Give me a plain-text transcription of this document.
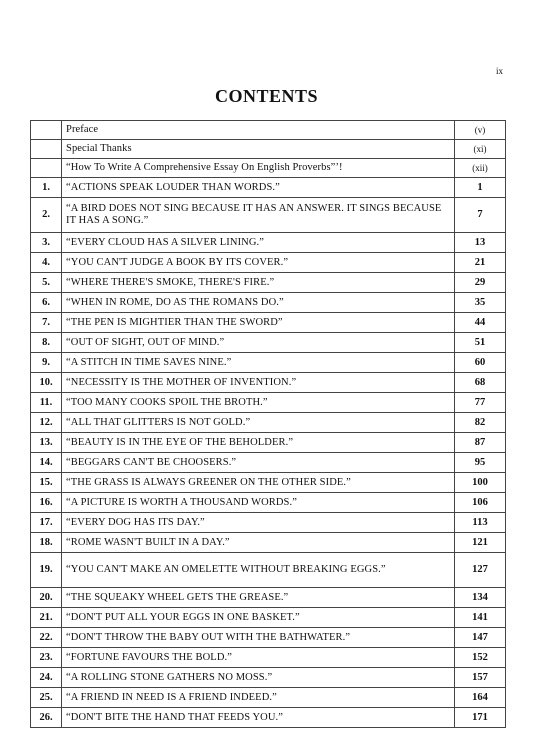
ix
CONTENTS
	Preface	(v)
	Special Thanks	(xi)
	“How To Write A Comprehensive Essay On English Proverbs”’!	(xii)
1.	“ACTIONS SPEAK LOUDER THAN WORDS.”	1
2.	“A BIRD DOES NOT SING BECAUSE IT HAS AN ANSWER. IT SINGS BECAUSE IT HAS A SONG.”	7
3.	“EVERY CLOUD HAS A SILVER LINING.”	13
4.	“YOU CAN'T JUDGE A BOOK BY ITS COVER.”	21
5.	“WHERE THERE'S SMOKE, THERE'S FIRE.”	29
6.	“WHEN IN ROME, DO AS THE ROMANS DO.”	35
7.	“THE PEN IS MIGHTIER THAN THE SWORD”	44
8.	“OUT OF SIGHT, OUT OF MIND.”	51
9.	“A STITCH IN TIME SAVES NINE.”	60
10.	“NECESSITY IS THE MOTHER OF INVENTION.”	68
11.	“TOO MANY COOKS SPOIL THE BROTH.”	77
12.	“ALL THAT GLITTERS IS NOT GOLD.”	82
13.	“BEAUTY IS IN THE EYE OF THE BEHOLDER.”	87
14.	“BEGGARS CAN'T BE CHOOSERS.”	95
15.	“THE GRASS IS ALWAYS GREENER ON THE OTHER SIDE.”	100
16.	“A PICTURE IS WORTH A THOUSAND WORDS.”	106
17.	“EVERY DOG HAS ITS DAY.”	113
18.	“ROME WASN'T BUILT IN A DAY.”	121
19.	“YOU CAN'T MAKE AN OMELETTE WITHOUT BREAKING EGGS.”	127
20.	“THE SQUEAKY WHEEL GETS THE GREASE.”	134
21.	“DON'T PUT ALL YOUR EGGS IN ONE BASKET.”	141
22.	“DON'T THROW THE BABY OUT WITH THE BATHWATER.”	147
23.	“FORTUNE FAVOURS THE BOLD.”	152
24.	“A ROLLING STONE GATHERS NO MOSS.”	157
25.	“A FRIEND IN NEED IS A FRIEND INDEED.”	164
26.	“DON'T BITE THE HAND THAT FEEDS YOU.”	171
